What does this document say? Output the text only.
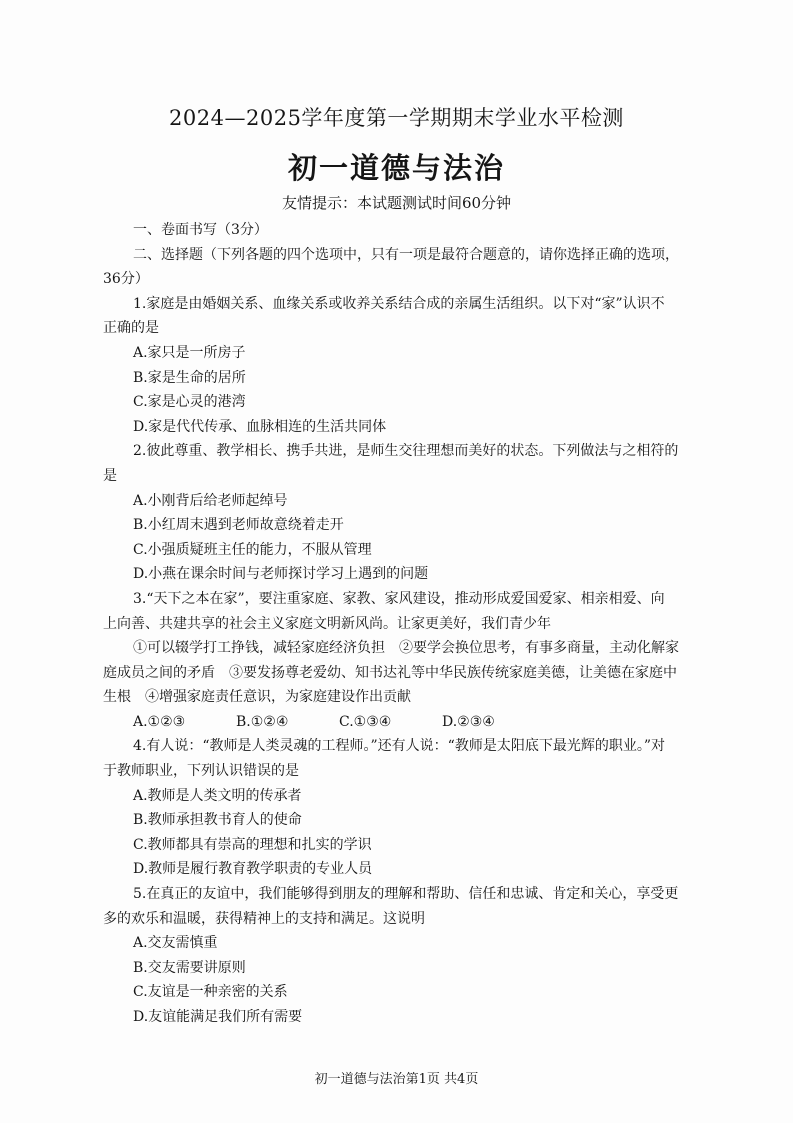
2024—2025学年度第一学期期末学业水平检测
初一道德与法治
友情提示：本试题测试时间60分钟

一、卷面书写（3分）

二、选择题（下列各题的四个选项中，只有一项是最符合题意的，请你选择正确的选项，

36分）

1.家庭是由婚姻关系、血缘关系或收养关系结合成的亲属生活组织。以下对“家”认识不

正确的是

A.家只是一所房子

B.家是生命的居所

C.家是心灵的港湾

D.家是代代传承、血脉相连的生活共同体

2.彼此尊重、教学相长、携手共进，是师生交往理想而美好的状态。下列做法与之相符的

是

A.小刚背后给老师起绰号

B.小红周末遇到老师故意绕着走开

C.小强质疑班主任的能力，不服从管理

D.小燕在课余时间与老师探讨学习上遇到的问题

3.“天下之本在家”，要注重家庭、家教、家风建设，推动形成爱国爱家、相亲相爱、向

上向善、共建共享的社会主义家庭文明新风尚。让家更美好，我们青少年

①可以辍学打工挣钱，减轻家庭经济负担　②要学会换位思考，有事多商量，主动化解家

庭成员之间的矛盾　③要发扬尊老爱幼、知书达礼等中华民族传统家庭美德，让美德在家庭中

生根　④增强家庭责任意识，为家庭建设作出贡献

A.①②③	B.①②④	C.①③④	D.②③④

4.有人说：“教师是人类灵魂的工程师。”还有人说：“教师是太阳底下最光辉的职业。”对

于教师职业，下列认识错误的是

A.教师是人类文明的传承者

B.教师承担教书育人的使命

C.教师都具有崇高的理想和扎实的学识

D.教师是履行教育教学职责的专业人员

5.在真正的友谊中，我们能够得到朋友的理解和帮助、信任和忠诚、肯定和关心，享受更

多的欢乐和温暖，获得精神上的支持和满足。这说明

A.交友需慎重

B.交友需要讲原则

C.友谊是一种亲密的关系

D.友谊能满足我们所有需要

初一道德与法治第1页 共4页
